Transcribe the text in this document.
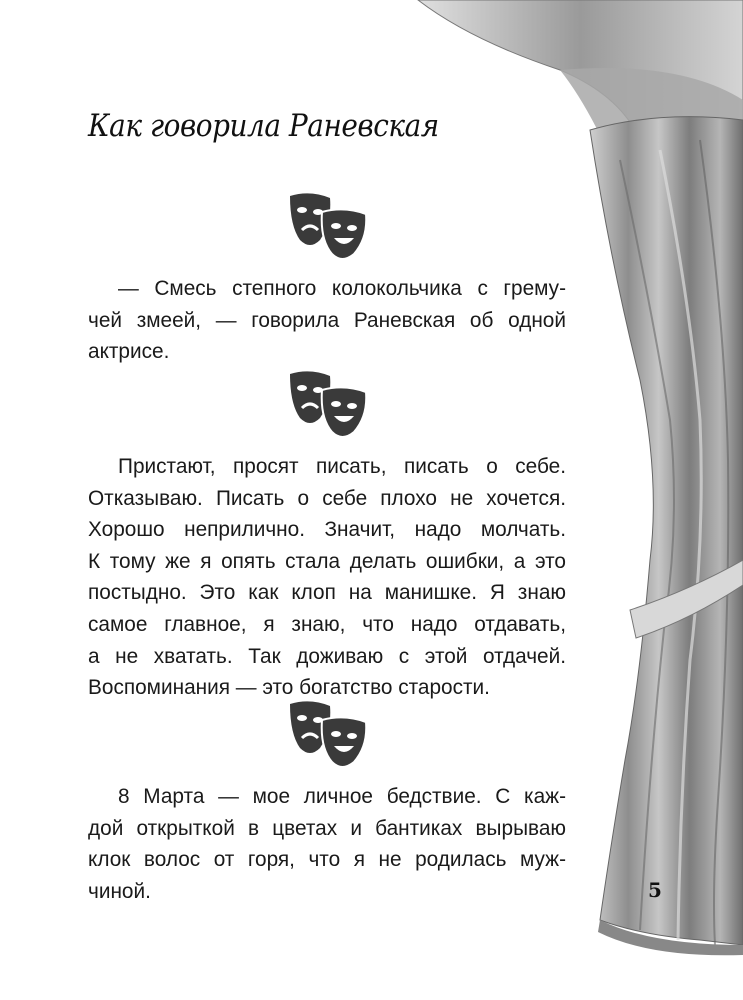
Как говорила Раневская
— Смесь степного колокольчика с грему-
чей змеей, — говорила Раневская об одной
актрисе.
Пристают, просят писать, писать о себе.
Отказываю. Писать о себе плохо не хочется.
Хорошо неприлично. Значит, надо молчать.
К тому же я опять стала делать ошибки, а это
постыдно. Это как клоп на манишке. Я знаю
самое главное, я знаю, что надо отдавать,
а не хватать. Так доживаю с этой отдачей.
Воспоминания — это богатство старости.
8 Марта — мое личное бедствие. С каж-
дой открыткой в цветах и бантиках вырываю
клок волос от горя, что я не родилась муж-
чиной.	5
